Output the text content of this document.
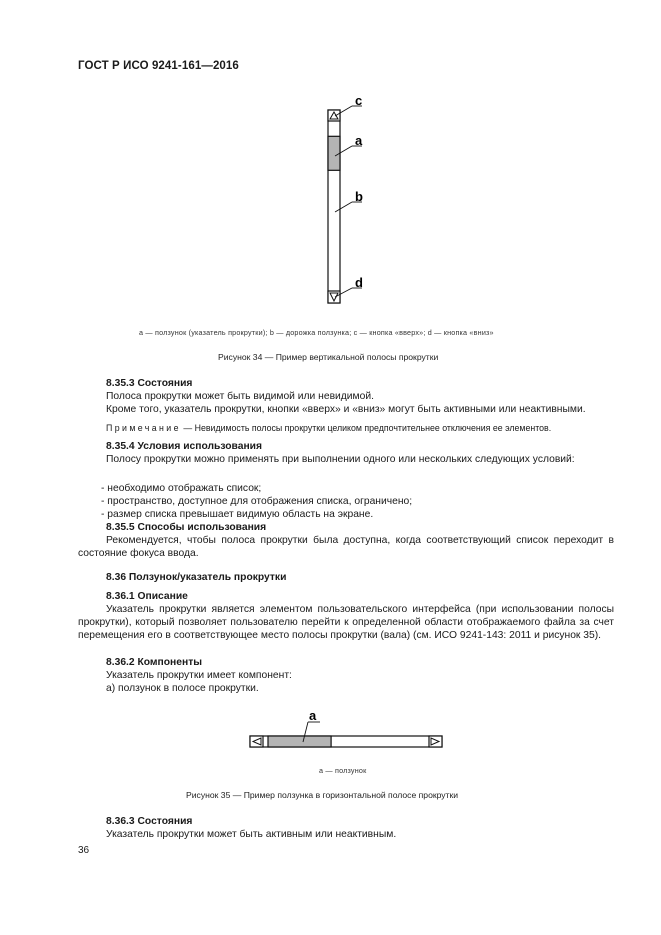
ГОСТ Р ИСО 9241-161—2016
c
a
b
d
a — ползунок (указатель прокрутки); b — дорожка ползунка; c — кнопка «вверх»; d — кнопка «вниз»
Рисунок 34 — Пример вертикальной полосы прокрутки

8.35.3 Состояния

Полоса прокрутки может быть видимой или невидимой.

Кроме того, указатель прокрутки, кнопки «вверх» и «вниз» могут быть активными или неактивными.

Примечание — Невидимость полосы прокрутки целиком предпочтительнее отключения ее элементов.

8.35.4 Условия использования

Полосу прокрутки можно применять при выполнении одного или нескольких следующих условий:

- необходимо отображать список;

- пространство, доступное для отображения списка, ограничено;

- размер списка превышает видимую область на экране.

8.35.5 Способы использования

Рекомендуется, чтобы полоса прокрутки была доступна, когда соответствующий список переходит в состояние фокуса ввода.

8.36 Ползунок/указатель прокрутки

8.36.1 Описание

Указатель прокрутки является элементом пользовательского интерфейса (при использовании полосы прокрутки), который позволяет пользователю перейти к определенной области отображаемого файла за счет перемещения его в соответствующее место полосы прокрутки (вала) (см. ИСО 9241-143: 2011 и рисунок 35).

8.36.2 Компоненты

Указатель прокрутки имеет компонент:

а) ползунок в полосе прокрутки.

a
a — ползунок
Рисунок 35 — Пример ползунка в горизонтальной полосе прокрутки

8.36.3 Состояния

Указатель прокрутки может быть активным или неактивным.

36
